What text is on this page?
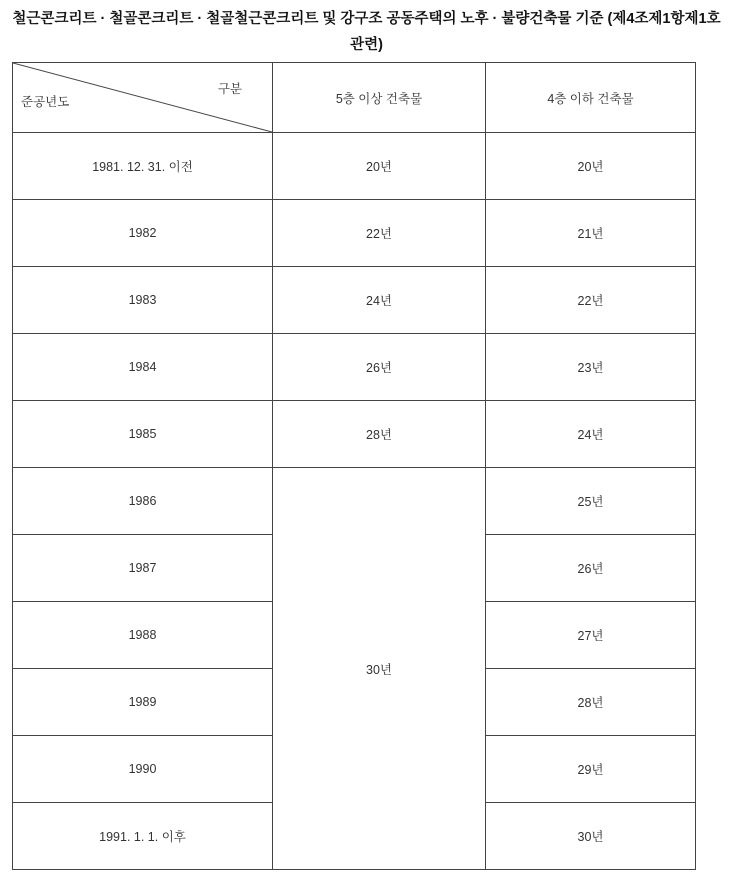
철근콘크리트 · 철골콘크리트 · 철골철근콘크리트 및 강구조 공동주택의 노후 · 불량건축물 기준 (제4조제1항제1호
관련)
구분
준공년도	5층 이상 건축물	4층 이하 건축물
1981. 12. 31. 이전	20년	20년
1982	22년	21년
1983	24년	22년
1984	26년	23년
1985	28년	24년
1986	30년	25년
1987		26년
1988		27년
1989		28년
1990		29년
1991. 1. 1. 이후		30년
